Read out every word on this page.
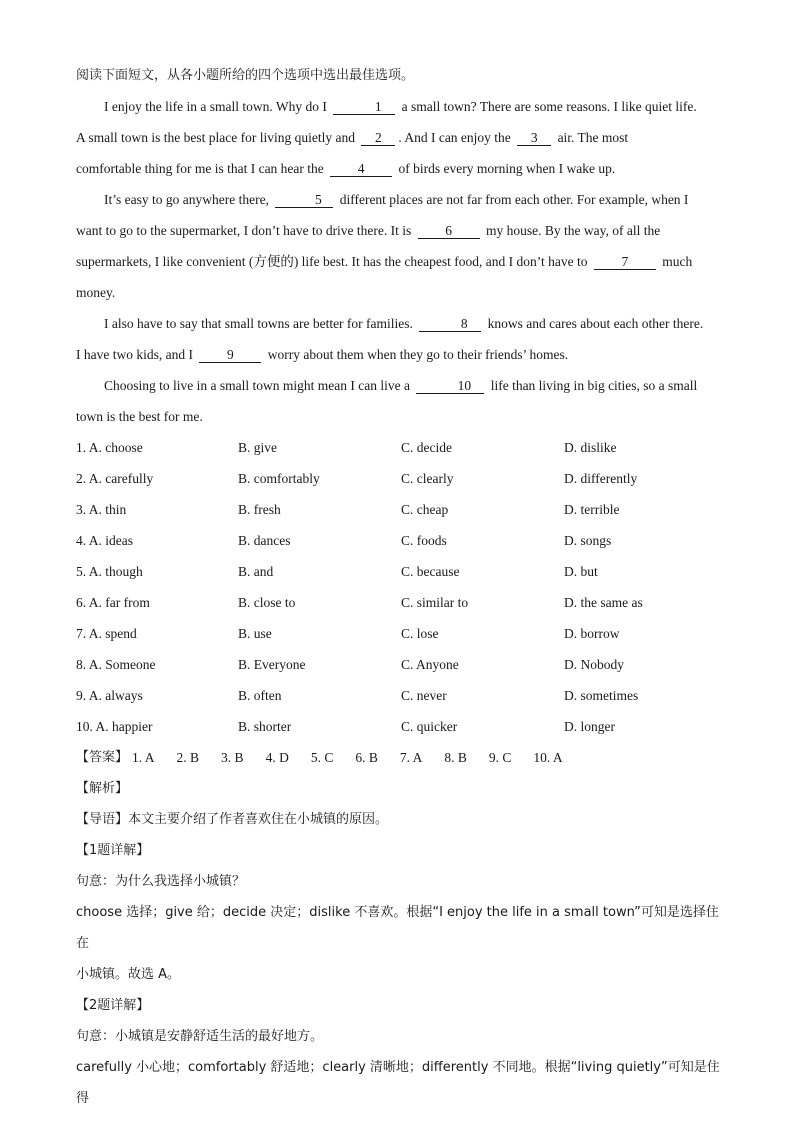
阅读下面短文，从各小题所给的四个选项中选出最佳选项。
I enjoy the life in a small town. Why do I	1 a small town? There are some reasons. I like quiet life.
A small town is the best place for living quietly and 2 . And I can enjoy the 3 air. The most
comfortable thing for me is that I can hear the	4	of birds every morning when I wake up.
It’s easy to go anywhere there,	5 different places are not far from each other. For example, when I
want to go to the supermarket, I don’t have to drive there. It is	6	my house. By the way, of all the
supermarkets, I like convenient (方便的) life best. It has the cheapest food, and I don’t have to	7	much
money.
I also have to say that small towns are better for families.	8 knows and cares about each other there.
I have two kids, and I	9	worry about them when they go to their friends’ homes.
Choosing to live in a small town might mean I can live a	10 life than living in big cities, so a small
town is the best for me.
1. A. choose	B. give	C. decide	D. dislike
2. A. carefully	B. comfortably	C. clearly	D. differently
3. A. thin	B. fresh	C. cheap	D. terrible
4. A. ideas	B. dances	C. foods	D. songs
5. A. though	B. and	C. because	D. but
6. A. far from	B. close to	C. similar to	D. the same as
7. A. spend	B. use	C. lose	D. borrow
8. A. Someone	B. Everyone	C. Anyone	D. Nobody
9. A. always	B. often	C. never	D. sometimes
10. A. happier	B. shorter	C. quicker	D. longer
【答案】 1. A 2. B 3. B 4. D 5. C 6. B 7. A 8. B 9. C 10. A
【解析】
【导语】本文主要介绍了作者喜欢住在小城镇的原因。
【1题详解】
句意：为什么我选择小城镇？
choose 选择；give 给；decide 决定；dislike 不喜欢。根据“I enjoy the life in a small town”可知是选择住在
小城镇。故选 A。
【2题详解】
句意：小城镇是安静舒适生活的最好地方。
carefully 小心地；comfortably 舒适地；clearly 清晰地；differently 不同地。根据“living quietly”可知是住得
